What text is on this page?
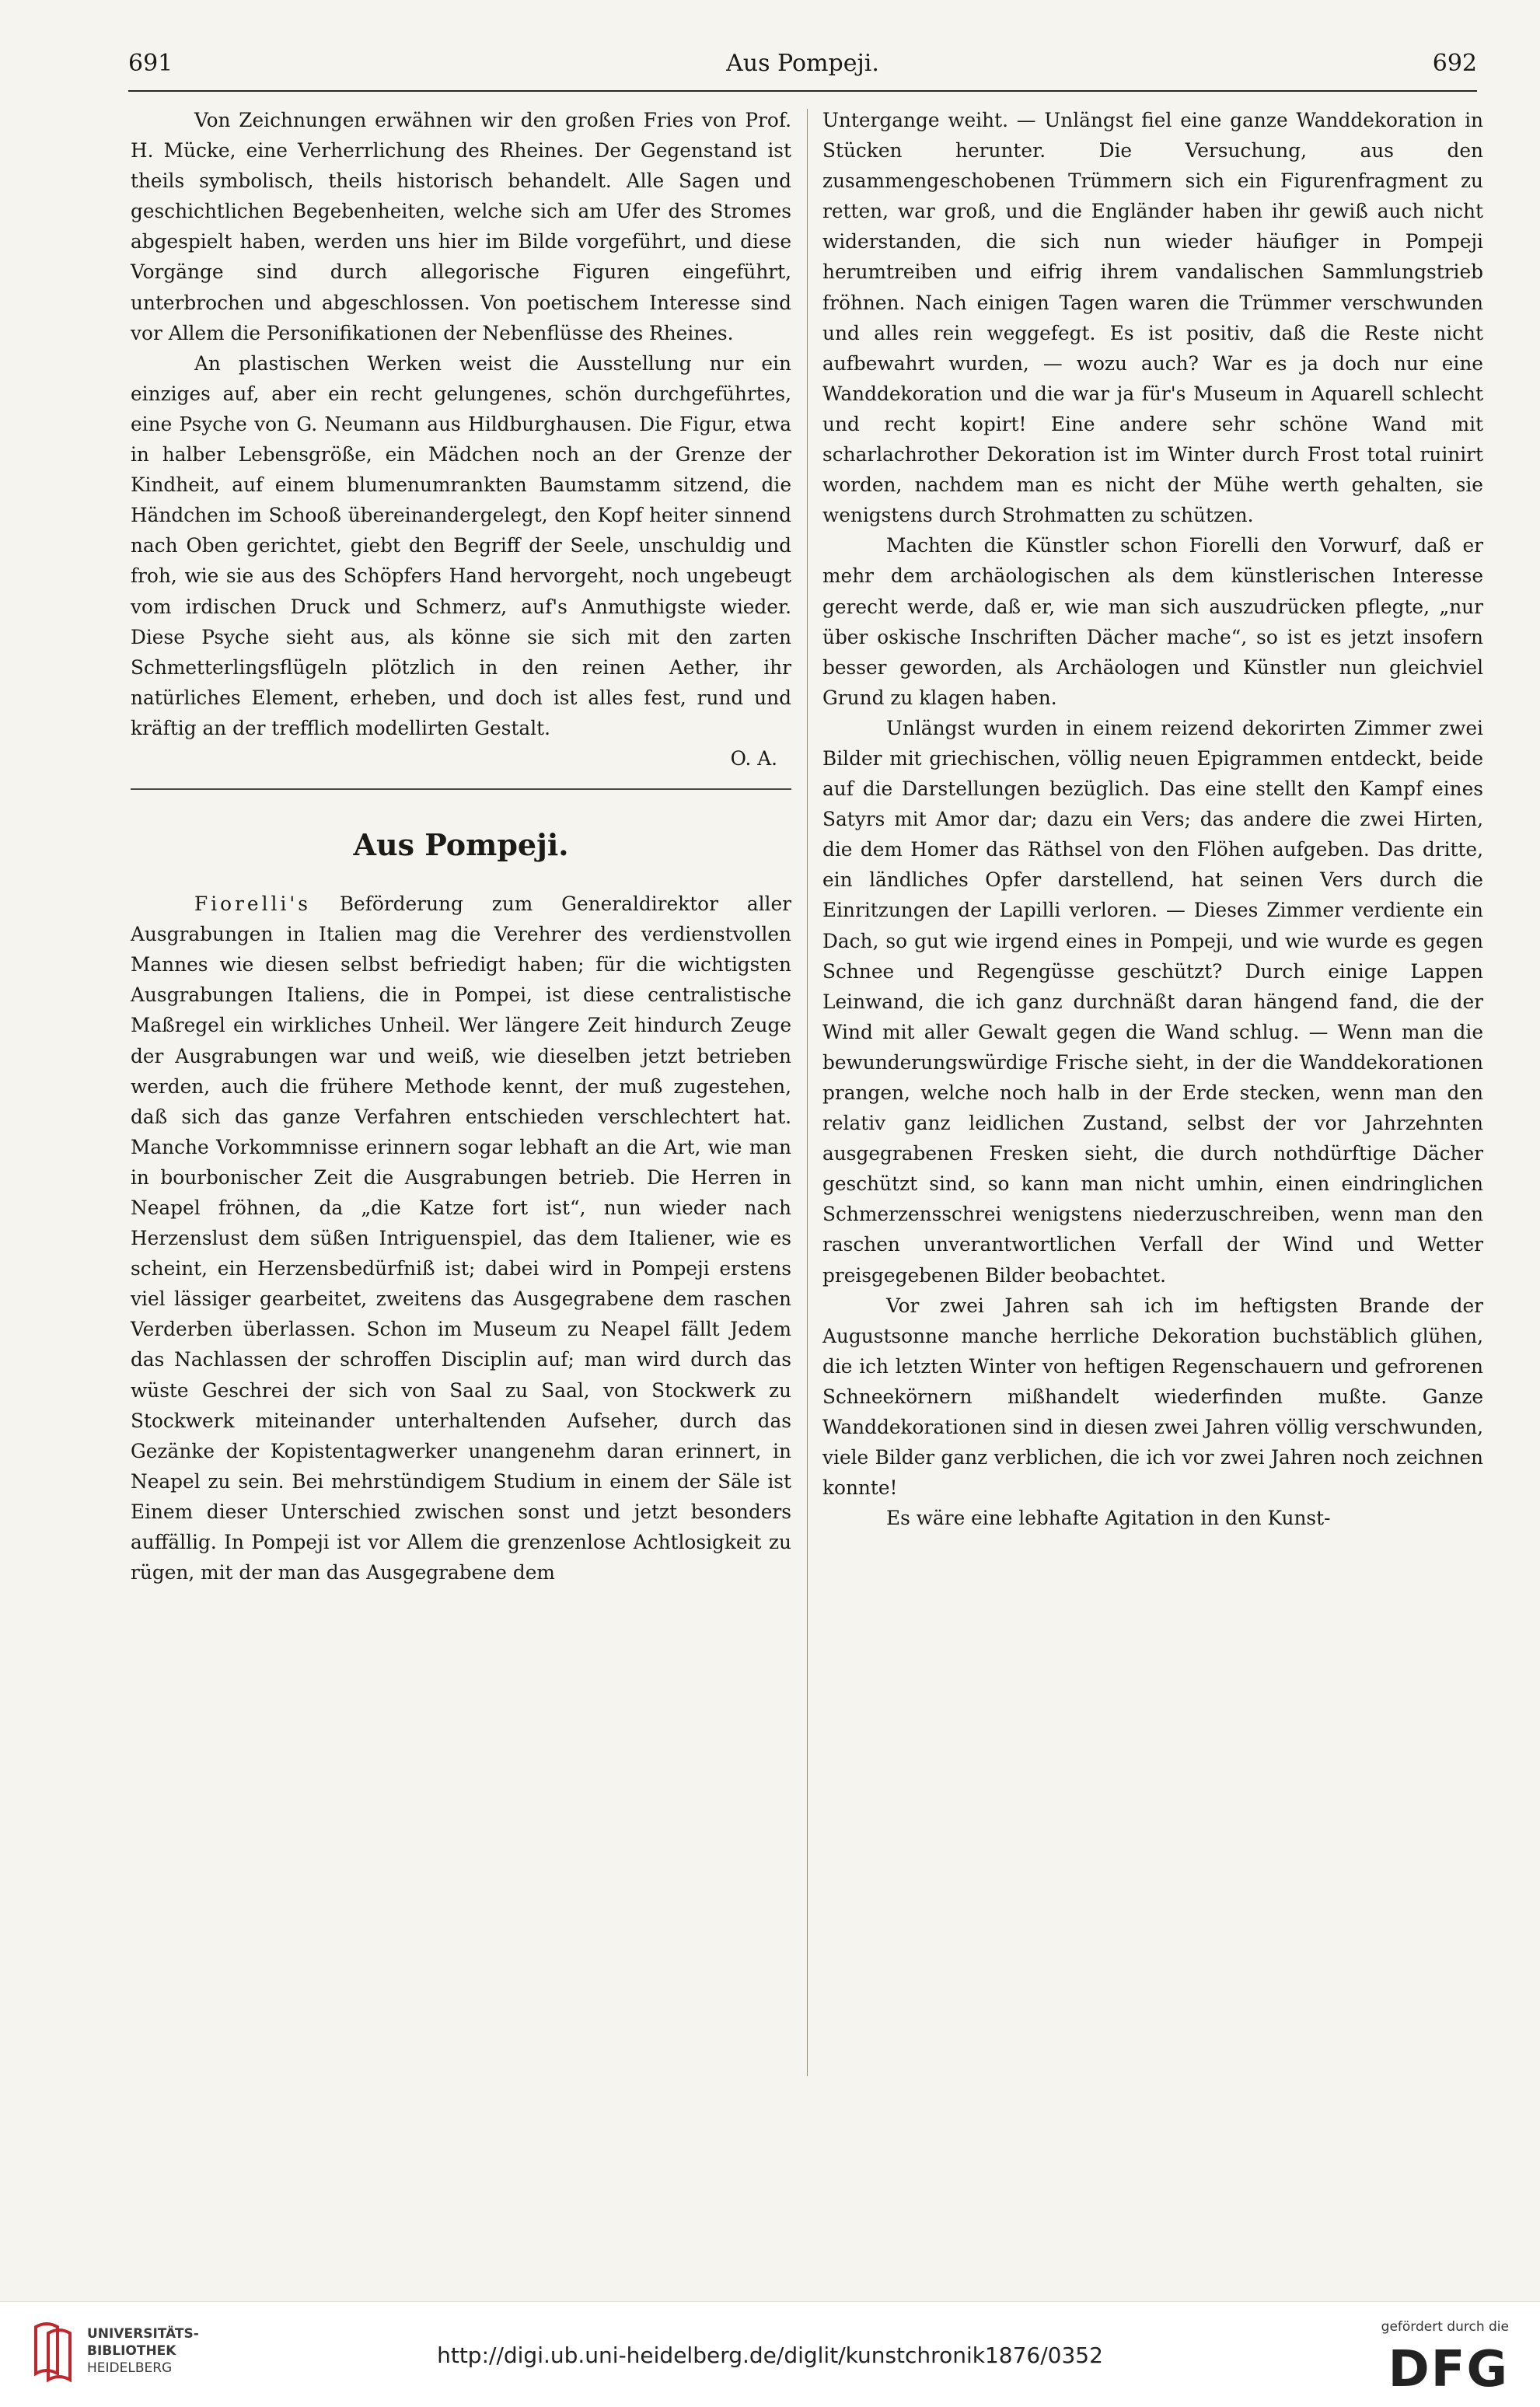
691	Aus Pompeji.	692

Von Zeichnungen erwähnen wir den großen Fries von Prof. H. Mücke, eine Verherrlichung des Rheines. Der Gegenstand ist theils symbolisch, theils historisch behandelt. Alle Sagen und geschichtlichen Begebenheiten, welche sich am Ufer des Stromes abgespielt haben, werden uns hier im Bilde vorgeführt, und diese Vorgänge sind durch allegorische Figuren eingeführt, unterbrochen und abgeschlossen. Von poetischem Interesse sind vor Allem die Personifikationen der Nebenflüsse des Rheines.

An plastischen Werken weist die Ausstellung nur ein einziges auf, aber ein recht gelungenes, schön durchgeführtes, eine Psyche von G. Neumann aus Hildburghausen. Die Figur, etwa in halber Lebensgröße, ein Mädchen noch an der Grenze der Kindheit, auf einem blumenumrankten Baumstamm sitzend, die Händchen im Schooß übereinandergelegt, den Kopf heiter sinnend nach Oben gerichtet, giebt den Begriff der Seele, unschuldig und froh, wie sie aus des Schöpfers Hand hervorgeht, noch ungebeugt vom irdischen Druck und Schmerz, auf's Anmuthigste wieder. Diese Psyche sieht aus, als könne sie sich mit den zarten Schmetterlingsflügeln plötzlich in den reinen Aether, ihr natürliches Element, erheben, und doch ist alles fest, rund und kräftig an der trefflich modellirten Gestalt.

O. A.
Aus Pompeji.

Fiorelli's Beförderung zum Generaldirektor aller Ausgrabungen in Italien mag die Verehrer des verdienstvollen Mannes wie diesen selbst befriedigt haben; für die wichtigsten Ausgrabungen Italiens, die in Pompei, ist diese centralistische Maßregel ein wirkliches Unheil. Wer längere Zeit hindurch Zeuge der Ausgrabungen war und weiß, wie dieselben jetzt betrieben werden, auch die frühere Methode kennt, der muß zugestehen, daß sich das ganze Verfahren entschieden verschlechtert hat. Manche Vorkommnisse erinnern sogar lebhaft an die Art, wie man in bourbonischer Zeit die Ausgrabungen betrieb. Die Herren in Neapel fröhnen, da „die Katze fort ist“, nun wieder nach Herzenslust dem süßen Intriguenspiel, das dem Italiener, wie es scheint, ein Herzensbedürfniß ist; dabei wird in Pompeji erstens viel lässiger gearbeitet, zweitens das Ausgegrabene dem raschen Verderben überlassen. Schon im Museum zu Neapel fällt Jedem das Nachlassen der schroffen Disciplin auf; man wird durch das wüste Geschrei der sich von Saal zu Saal, von Stockwerk zu Stockwerk miteinander unterhaltenden Aufseher, durch das Gezänke der Kopistentagwerker unangenehm daran erinnert, in Neapel zu sein. Bei mehrstündigem Studium in einem der Säle ist Einem dieser Unterschied zwischen sonst und jetzt besonders auffällig. In Pompeji ist vor Allem die grenzenlose Achtlosigkeit zu rügen, mit der man das Ausgegrabene dem

Untergange weiht. — Unlängst fiel eine ganze Wanddekoration in Stücken herunter. Die Versuchung, aus den zusammengeschobenen Trümmern sich ein Figurenfragment zu retten, war groß, und die Engländer haben ihr gewiß auch nicht widerstanden, die sich nun wieder häufiger in Pompeji herumtreiben und eifrig ihrem vandalischen Sammlungstrieb fröhnen. Nach einigen Tagen waren die Trümmer verschwunden und alles rein weggefegt. Es ist positiv, daß die Reste nicht aufbewahrt wurden, — wozu auch? War es ja doch nur eine Wanddekoration und die war ja für's Museum in Aquarell schlecht und recht kopirt! Eine andere sehr schöne Wand mit scharlachrother Dekoration ist im Winter durch Frost total ruinirt worden, nachdem man es nicht der Mühe werth gehalten, sie wenigstens durch Strohmatten zu schützen.

Machten die Künstler schon Fiorelli den Vorwurf, daß er mehr dem archäologischen als dem künstlerischen Interesse gerecht werde, daß er, wie man sich auszudrücken pflegte, „nur über oskische Inschriften Dächer mache“, so ist es jetzt insofern besser geworden, als Archäologen und Künstler nun gleichviel Grund zu klagen haben.

Unlängst wurden in einem reizend dekorirten Zimmer zwei Bilder mit griechischen, völlig neuen Epigrammen entdeckt, beide auf die Darstellungen bezüglich. Das eine stellt den Kampf eines Satyrs mit Amor dar; dazu ein Vers; das andere die zwei Hirten, die dem Homer das Räthsel von den Flöhen aufgeben. Das dritte, ein ländliches Opfer darstellend, hat seinen Vers durch die Einritzungen der Lapilli verloren. — Dieses Zimmer verdiente ein Dach, so gut wie irgend eines in Pompeji, und wie wurde es gegen Schnee und Regengüsse geschützt? Durch einige Lappen Leinwand, die ich ganz durchnäßt daran hängend fand, die der Wind mit aller Gewalt gegen die Wand schlug. — Wenn man die bewunderungswürdige Frische sieht, in der die Wanddekorationen prangen, welche noch halb in der Erde stecken, wenn man den relativ ganz leidlichen Zustand, selbst der vor Jahrzehnten ausgegrabenen Fresken sieht, die durch nothdürftige Dächer geschützt sind, so kann man nicht umhin, einen eindringlichen Schmerzensschrei wenigstens niederzuschreiben, wenn man den raschen unverantwortlichen Verfall der Wind und Wetter preisgegebenen Bilder beobachtet.

Vor zwei Jahren sah ich im heftigsten Brande der Augustsonne manche herrliche Dekoration buchstäblich glühen, die ich letzten Winter von heftigen Regenschauern und gefrorenen Schneekörnern mißhandelt wiederfinden mußte. Ganze Wanddekorationen sind in diesen zwei Jahren völlig verschwunden, viele Bilder ganz verblichen, die ich vor zwei Jahren noch zeichnen konnte!

Es wäre eine lebhafte Agitation in den Kunst-

UNIVERSITÄTS-
BIBLIOTHEK
HEIDELBERG	http://digi.ub.uni-heidelberg.de/diglit/kunstchronik1876/0352
gefördert durch die
DFG
